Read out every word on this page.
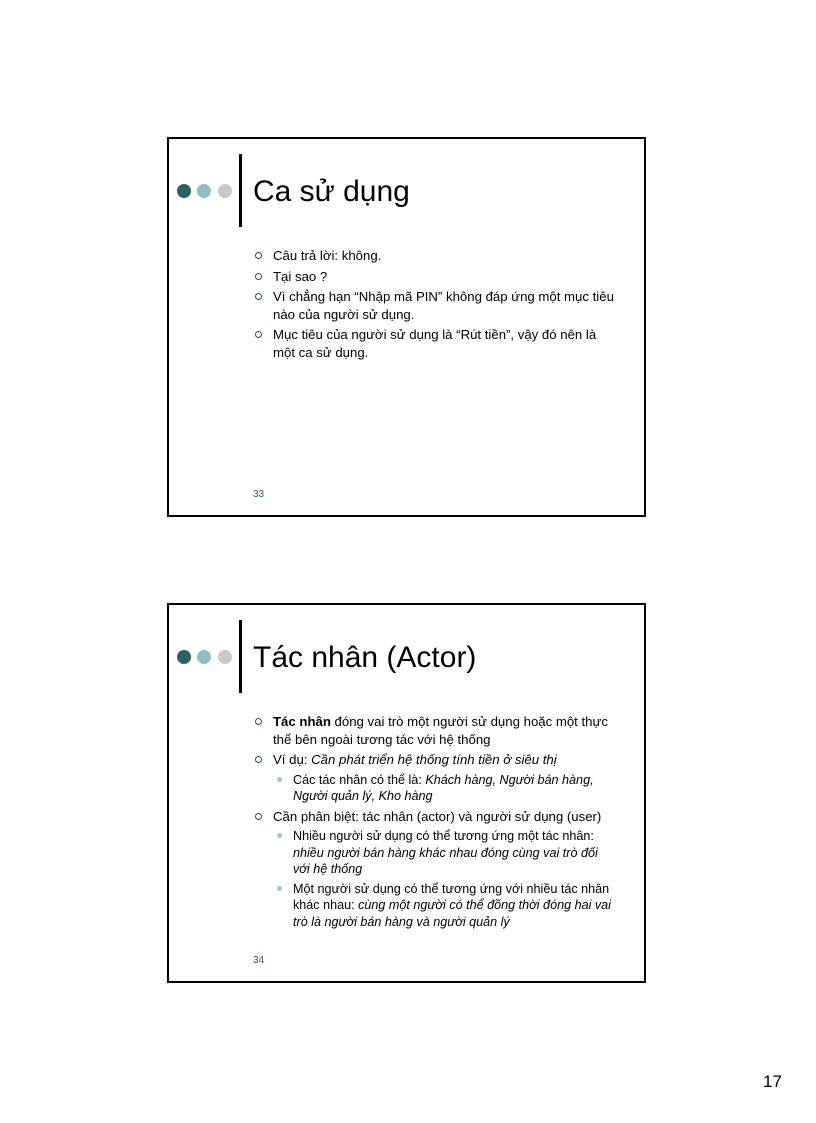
Ca sử dụng
Câu trả lời: không.
Tại sao ?
Vì chẳng hạn “Nhập mã PIN” không đáp ứng một mục tiêu nào của người sử dụng.
Mục tiêu của người sử dụng là “Rút tiền”, vậy đó nên là một ca sử dụng.
33
Tác nhân (Actor)
Tác nhân đóng vai trò một người sử dụng hoặc một thực thể bên ngoài tương tác với hệ thống
Ví dụ: Cần phát triển hệ thống tính tiền ở siêu thị
Các tác nhân có thể là: Khách hàng, Người bán hàng, Người quản lý, Kho hàng
Cần phân biệt: tác nhân (actor) và người sử dụng (user)
Nhiều người sử dụng có thể tương ứng một tác nhân: nhiều người bán hàng khác nhau đóng cùng vai trò đối với hệ thống
Một người sử dụng có thể tương ứng với nhiều tác nhân khác nhau: cùng một người có thể đồng thời đóng hai vai trò là người bán hàng và người quản lý
34
17
